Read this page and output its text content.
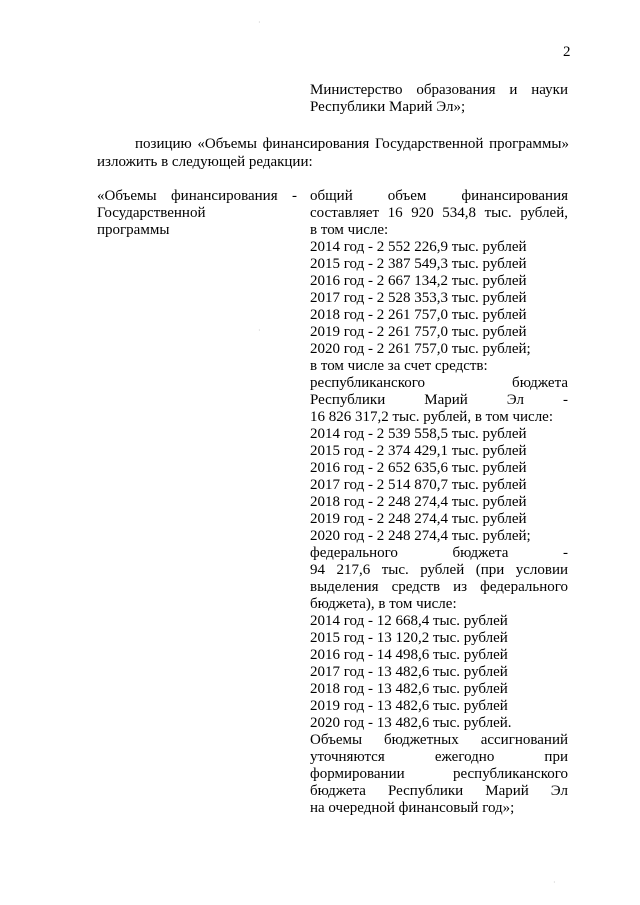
2
Министерство образования и науки
Республики Марий Эл»;
позицию «Объемы финансирования Государственной программы»
изложить в следующей редакции:
«Объемы финансирования -
Государственной
программы
общий объем финансирования
составляет 16 920 534,8 тыс. рублей,
в том числе:
2014 год - 2 552 226,9 тыс. рублей
2015 год - 2 387 549,3 тыс. рублей
2016 год - 2 667 134,2 тыс. рублей
2017 год - 2 528 353,3 тыс. рублей
2018 год - 2 261 757,0 тыс. рублей
2019 год - 2 261 757,0 тыс. рублей
2020 год - 2 261 757,0 тыс. рублей;
в том числе за счет средств:
республиканского бюджета
Республики Марий Эл -
16 826 317,2 тыс. рублей, в том числе:
2014 год - 2 539 558,5 тыс. рублей
2015 год - 2 374 429,1 тыс. рублей
2016 год - 2 652 635,6 тыс. рублей
2017 год - 2 514 870,7 тыс. рублей
2018 год - 2 248 274,4 тыс. рублей
2019 год - 2 248 274,4 тыс. рублей
2020 год - 2 248 274,4 тыс. рублей;
федерального бюджета -
94 217,6 тыс. рублей (при условии
выделения средств из федерального
бюджета), в том числе:
2014 год - 12 668,4 тыс. рублей
2015 год - 13 120,2 тыс. рублей
2016 год - 14 498,6 тыс. рублей
2017 год - 13 482,6 тыс. рублей
2018 год - 13 482,6 тыс. рублей
2019 год - 13 482,6 тыс. рублей
2020 год - 13 482,6 тыс. рублей.
Объемы бюджетных ассигнований
уточняются ежегодно при
формировании республиканского
бюджета Республики Марий Эл
на очередной финансовый год»;
·
·
·
